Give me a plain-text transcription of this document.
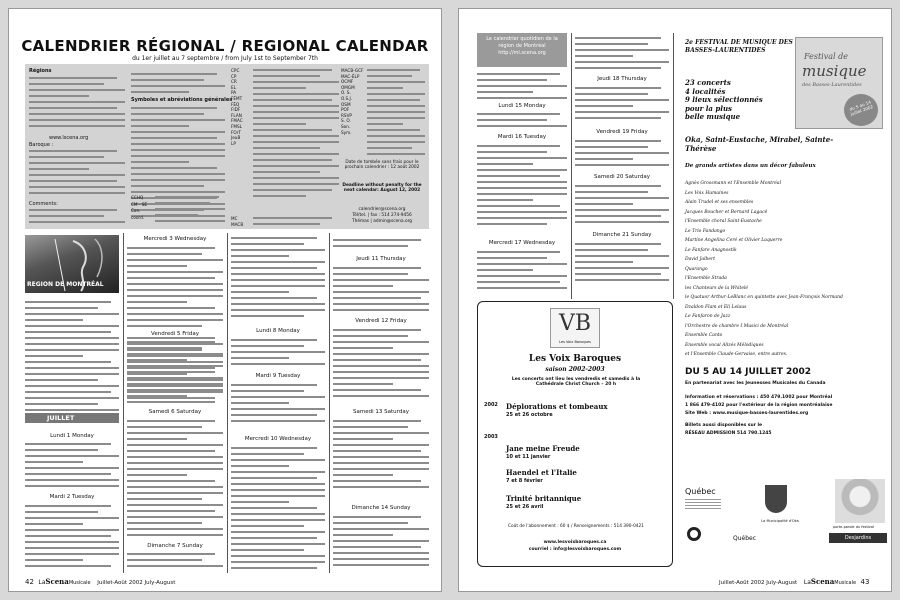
CALENDRIER RÉGIONAL / REGIONAL CALENDAR
du 1er juillet au 7 septembre / from July 1st to September 7th
Régions
www.lscena.org
Baroque :
Comments:
Symboles et abréviations générales
CPC
CP
CR
EL
PA
FÉMT
FÉQ
FIDF
FLAN
FMAC
FMSL
FOrT
JeuB
LP
CCHQ
CM - SÉ
Con.
coord.
MACB-GCF
MAC-ÉLP
OCMF
OMGM
O. S.
O.S.J.
OSM
POF
RSVP
S. O.
Son.
Sym.
MC
MACB
Date de tombée sans frais pour le prochain calendrier : 12 août 2002
Deadline without penalty for the next calendar: August 12, 2002
calendrier@scena.org
Tél/tel. | fax : 514 274-9456
Thémas | admin@scena.org
REGION DE MONTRÉAL
JUILLET
Lundi 1 Monday
Mardi 2 Tuesday
Mercredi 3 Wednesday
Vendredi 5 Friday
Samedi 6 Saturday
Dimanche 7 Sunday
Lundi 8 Monday
Mardi 9 Tuesday
Mercredi 10 Wednesday
Jeudi 11 Thursday
Vendredi 12 Friday
Samedi 13 Saturday
Dimanche 14 Sunday
42 LaScenaMusicale Juillet-Août 2002 July-August
Le calendrier quotidien de la région de Montréal http://ml.scena.org
Lundi 15 Monday
Mardi 16 Tuesday
Mercredi 17 Wednesday
Jeudi 18 Thursday
Vendredi 19 Friday
Samedi 20 Saturday
Dimanche 21 Sunday
VB
Les Voix Baroques
Les Voix Baroques
saison 2002-2003
Les concerts ont lieu les vendredis et samedis à la Cathédrale Christ Church – 20 h
2002 Déplorations et tombeaux
25 et 26 octobre
2003
Jane meine Freude
10 et 11 janvier
Haendel et l'Italie
7 et 8 février
Trinité britannique
25 et 26 avril
Coût de l'abonnement : 60 $ / Renseignements : 514 390-0421
www.lesvoixbaroques.ca
courriel : info@lesvoixbaroques.com
2e FESTIVAL DE MUSIQUE DES BASSES-LAURENTIDES
Festival de
musique
des Basses-Laurentides
du 5 au 14 juillet 2002
23 concerts
4 localités
9 lieux sélectionnés
pour la plus
belle musique
Oka, Saint-Eustache, Mirabel, Sainte-Thérèse
De grands artistes dans un décor fabuleux
Agnès Grossmann et l'Ensemble Montréal
Les Voix Humaines
Alain Trudel et ses ensembles
Jacques Boucher et Bernard Lagacé
l'Ensemble choral Saint-Eustache
Le Trio Fandango
Martine Angelina Ceré et Olivier Laquerre
Le Fanfare Anagnostik
David Jalbert
Quarango
l'Ensemble Strada
les Chanteurs de la Whitelé
le Quatuor Arthur-LeBlanc en quintette avec Jean-François Normand
Dzaldon Flam et Eli Lelaus
Le Fanfaron de Jazz
l'Orchestre de chambre I Musici de Montréal
Ensemble Canto
Ensemble vocal Alizés Mélodiques
et l'Ensemble Claude-Gervaise, entre autres.
DU 5 AU 14 JUILLET 2002
En partenariat avec les Jeunesses Musicales du Canada
Information et réservations : 450 479.1002 pour Montréal
1 866 479-4102 pour l'extérieur de la région montréalaise
Site Web : www.musique-basses-laurentides.org
Billets aussi disponibles sur le
RÉSEAU ADMISSION 514 790.1245
Québec
Québec
La Municipalité d'Oka
porte-parole du festival
Desjardins
Juillet-Août 2002 July-August LaScenaMusicale 43
